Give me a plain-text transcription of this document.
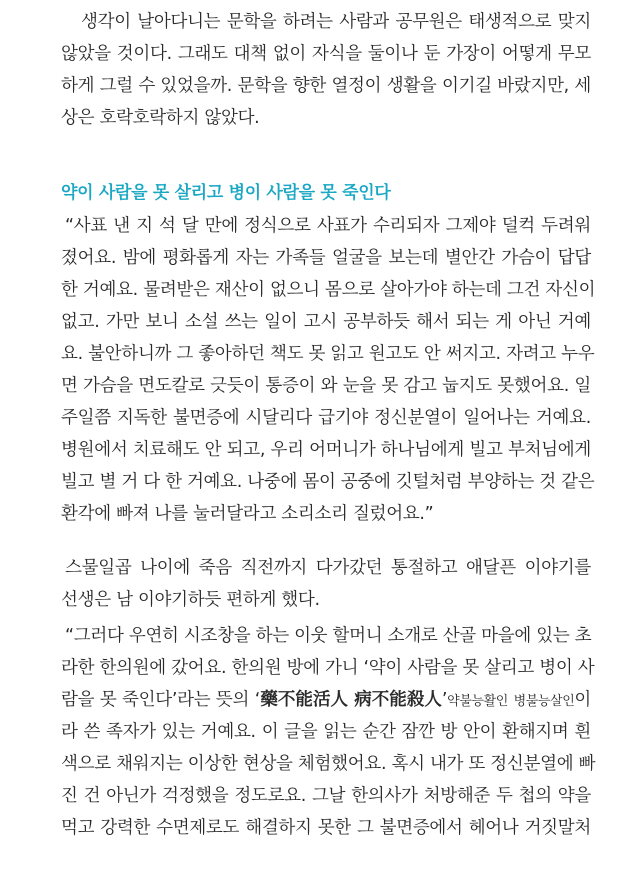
생각이 날아다니는 문학을 하려는 사람과 공무원은 태생적으로 맞지
않았을 것이다. 그래도 대책 없이 자식을 둘이나 둔 가장이 어떻게 무모
하게 그럴 수 있었을까. 문학을 향한 열정이 생활을 이기길 바랐지만, 세
상은 호락호락하지 않았다.
약이 사람을 못 살리고 병이 사람을 못 죽인다
“사표 낸 지 석 달 만에 정식으로 사표가 수리되자 그제야 덜컥 두려워
졌어요. 밤에 평화롭게 자는 가족들 얼굴을 보는데 별안간 가슴이 답답
한 거예요. 물려받은 재산이 없으니 몸으로 살아가야 하는데 그건 자신이
없고. 가만 보니 소설 쓰는 일이 고시 공부하듯 해서 되는 게 아닌 거예
요. 불안하니까 그 좋아하던 책도 못 읽고 원고도 안 써지고. 자려고 누우
면 가슴을 면도칼로 긋듯이 통증이 와 눈을 못 감고 눕지도 못했어요. 일
주일쯤 지독한 불면증에 시달리다 급기야 정신분열이 일어나는 거예요.
병원에서 치료해도 안 되고, 우리 어머니가 하나님에게 빌고 부처님에게
빌고 별 거 다 한 거예요. 나중에 몸이 공중에 깃털처럼 부양하는 것 같은
환각에 빠져 나를 눌러달라고 소리소리 질렀어요.”
스물일곱 나이에 죽음 직전까지 다가갔던 통절하고 애달픈 이야기를
선생은 남 이야기하듯 편하게 했다.
“그러다 우연히 시조창을 하는 이웃 할머니 소개로 산골 마을에 있는 초
라한 한의원에 갔어요. 한의원 방에 가니 ‘약이 사람을 못 살리고 병이 사
람을 못 죽인다’라는 뜻의 ‘藥不能活人 病不能殺人’약불능활인 병불능살인이
라 쓴 족자가 있는 거예요. 이 글을 읽는 순간 잠깐 방 안이 환해지며 흰
색으로 채워지는 이상한 현상을 체험했어요. 혹시 내가 또 정신분열에 빠
진 건 아닌가 걱정했을 정도로요. 그날 한의사가 처방해준 두 첩의 약을
먹고 강력한 수면제로도 해결하지 못한 그 불면증에서 헤어나 거짓말처
